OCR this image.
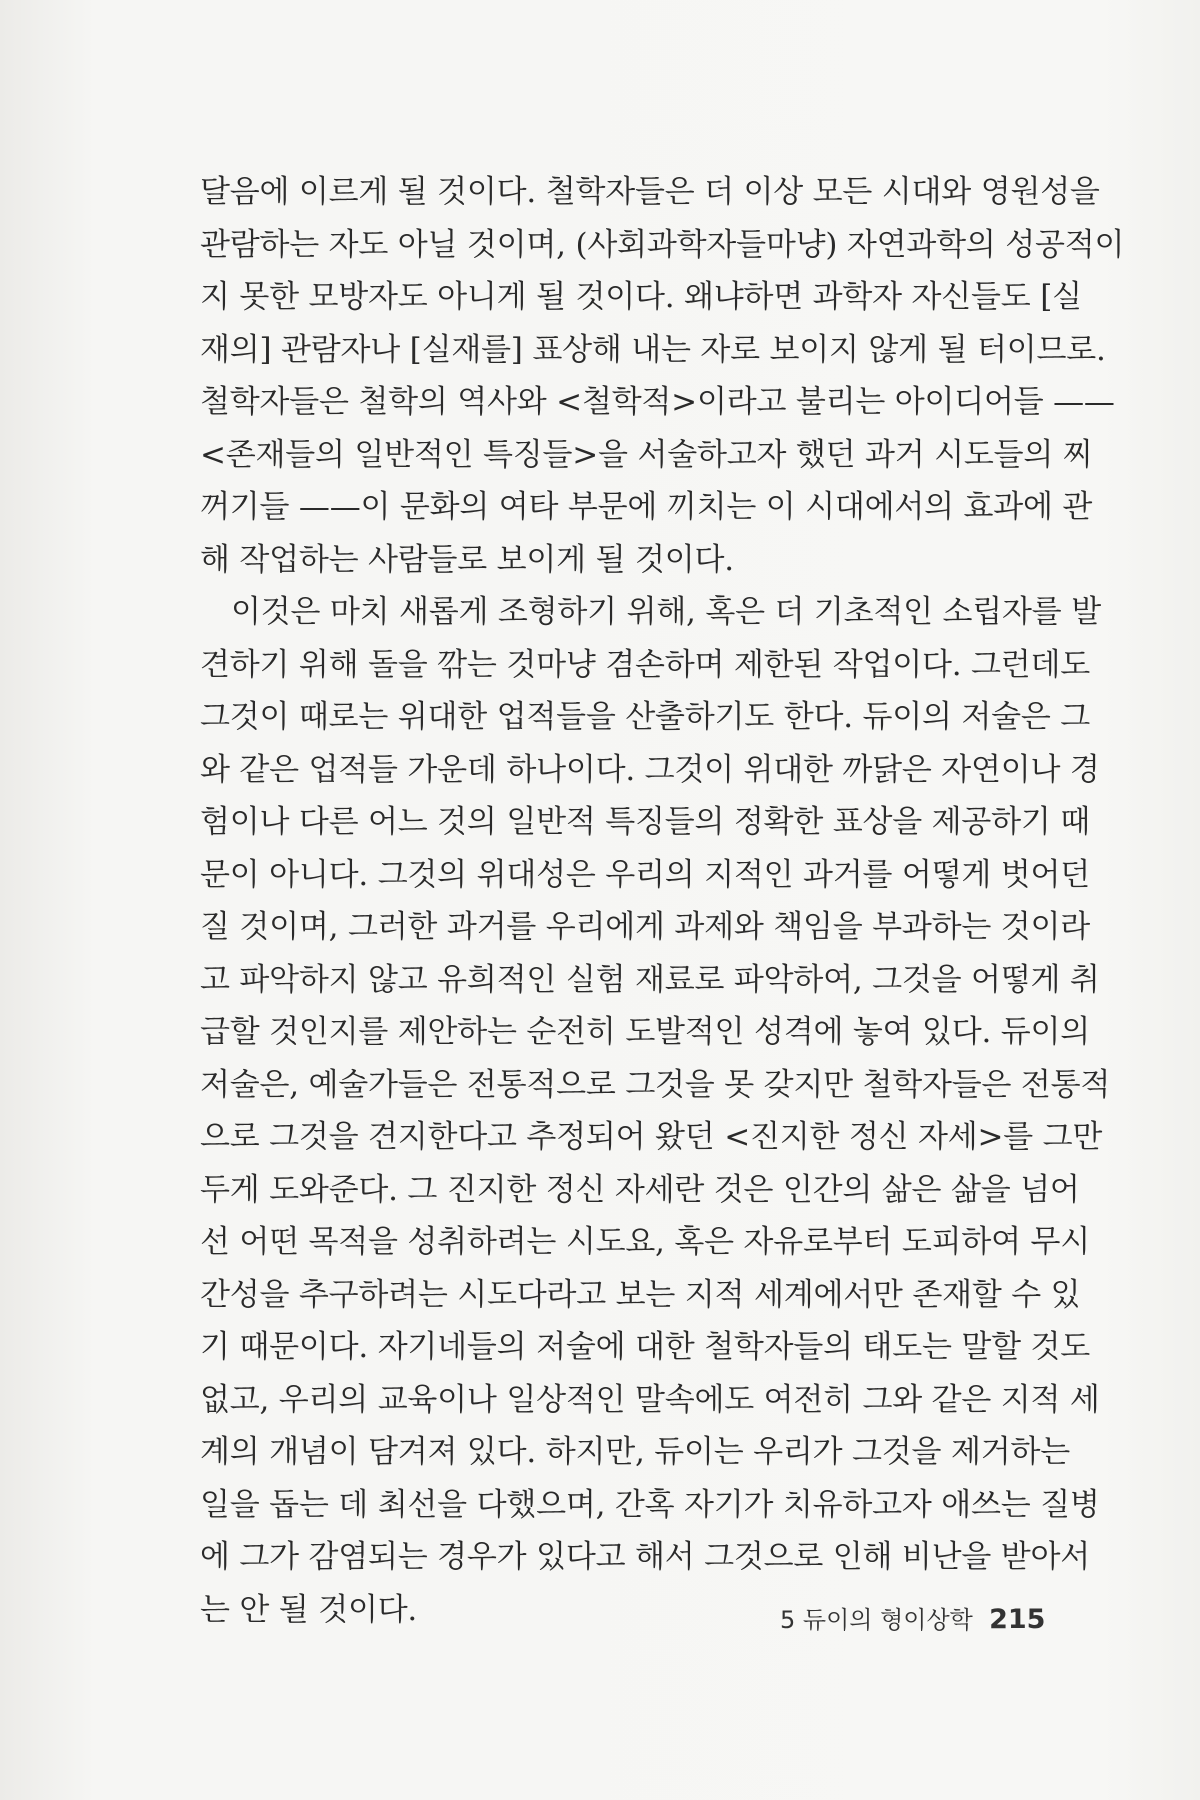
달음에 이르게 될 것이다. 철학자들은 더 이상 모든 시대와 영원성을
관람하는 자도 아닐 것이며, (사회과학자들마냥) 자연과학의 성공적이
지 못한 모방자도 아니게 될 것이다. 왜냐하면 과학자 자신들도 [실
재의] 관람자나 [실재를] 표상해 내는 자로 보이지 않게 될 터이므로.
철학자들은 철학의 역사와 <철학적>이라고 불리는 아이디어들 ——
<존재들의 일반적인 특징들>을 서술하고자 했던 과거 시도들의 찌
꺼기들 ——이 문화의 여타 부문에 끼치는 이 시대에서의 효과에 관
해 작업하는 사람들로 보이게 될 것이다.
이것은 마치 새롭게 조형하기 위해, 혹은 더 기초적인 소립자를 발
견하기 위해 돌을 깎는 것마냥 겸손하며 제한된 작업이다. 그런데도
그것이 때로는 위대한 업적들을 산출하기도 한다. 듀이의 저술은 그
와 같은 업적들 가운데 하나이다. 그것이 위대한 까닭은 자연이나 경
험이나 다른 어느 것의 일반적 특징들의 정확한 표상을 제공하기 때
문이 아니다. 그것의 위대성은 우리의 지적인 과거를 어떻게 벗어던
질 것이며, 그러한 과거를 우리에게 과제와 책임을 부과하는 것이라
고 파악하지 않고 유희적인 실험 재료로 파악하여, 그것을 어떻게 취
급할 것인지를 제안하는 순전히 도발적인 성격에 놓여 있다. 듀이의
저술은, 예술가들은 전통적으로 그것을 못 갖지만 철학자들은 전통적
으로 그것을 견지한다고 추정되어 왔던 <진지한 정신 자세>를 그만
두게 도와준다. 그 진지한 정신 자세란 것은 인간의 삶은 삶을 넘어
선 어떤 목적을 성취하려는 시도요, 혹은 자유로부터 도피하여 무시
간성을 추구하려는 시도다라고 보는 지적 세계에서만 존재할 수 있
기 때문이다. 자기네들의 저술에 대한 철학자들의 태도는 말할 것도
없고, 우리의 교육이나 일상적인 말속에도 여전히 그와 같은 지적 세
계의 개념이 담겨져 있다. 하지만, 듀이는 우리가 그것을 제거하는
일을 돕는 데 최선을 다했으며, 간혹 자기가 치유하고자 애쓰는 질병
에 그가 감염되는 경우가 있다고 해서 그것으로 인해 비난을 받아서
는 안 될 것이다.	5 듀이의 형이상학 215
